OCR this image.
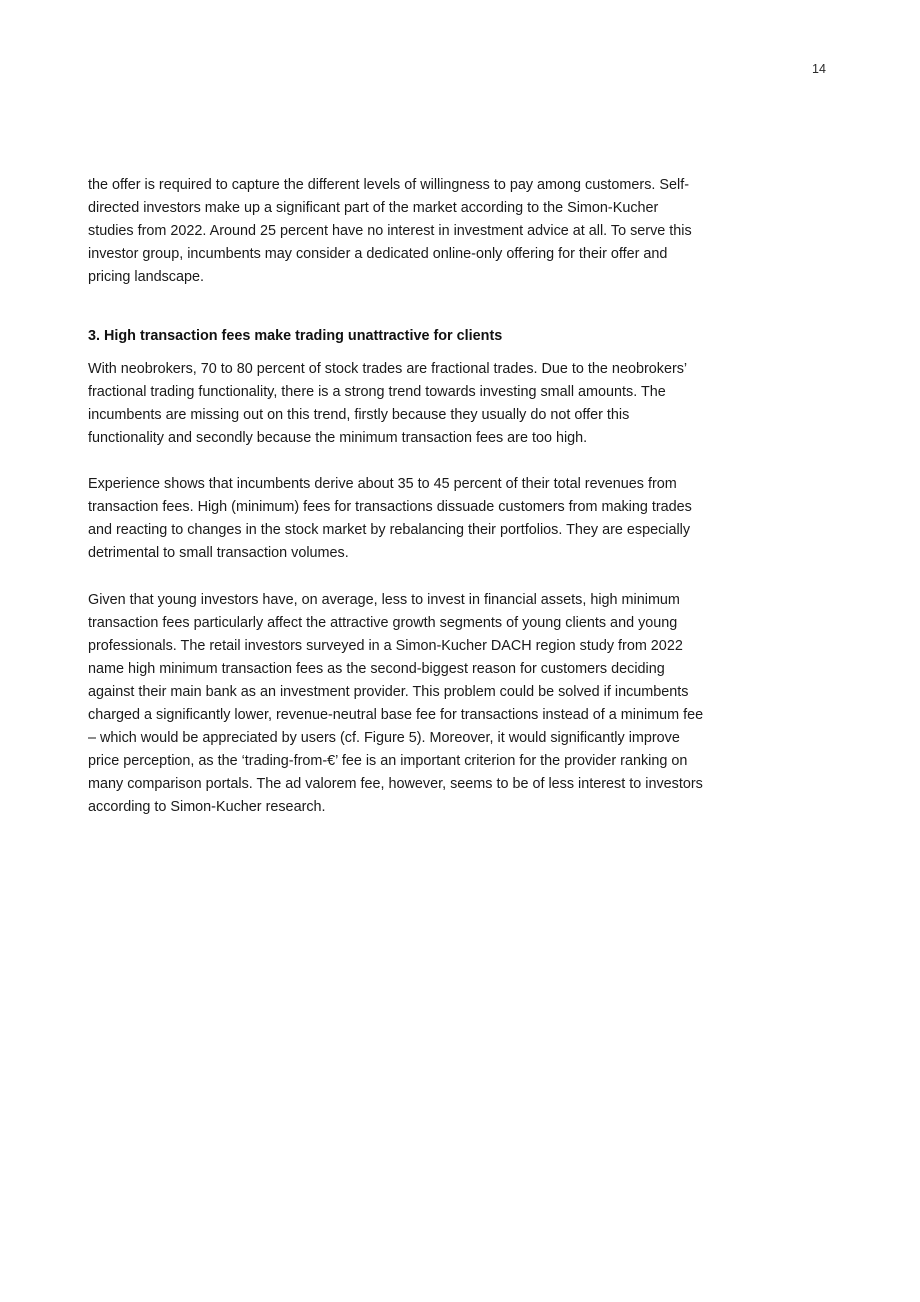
14

the offer is required to capture the different levels of willingness to pay among customers. Self-directed investors make up a significant part of the market according to the Simon-Kucher studies from 2022. Around 25 percent have no interest in investment advice at all. To serve this investor group, incumbents may consider a dedicated online-only offering for their offer and pricing landscape.

3. High transaction fees make trading unattractive for clients

With neobrokers, 70 to 80 percent of stock trades are fractional trades. Due to the neobrokers’ fractional trading functionality, there is a strong trend towards investing small amounts. The incumbents are missing out on this trend, firstly because they usually do not offer this functionality and secondly because the minimum transaction fees are too high.

Experience shows that incumbents derive about 35 to 45 percent of their total revenues from transaction fees. High (minimum) fees for transactions dissuade customers from making trades and reacting to changes in the stock market by rebalancing their portfolios. They are especially detrimental to small transaction volumes.

Given that young investors have, on average, less to invest in financial assets, high minimum transaction fees particularly affect the attractive growth segments of young clients and young professionals. The retail investors surveyed in a Simon-Kucher DACH region study from 2022 name high minimum transaction fees as the second-biggest reason for customers deciding against their main bank as an investment provider. This problem could be solved if incumbents charged a significantly lower, revenue-neutral base fee for transactions instead of a minimum fee – which would be appreciated by users (cf. Figure 5). Moreover, it would significantly improve price perception, as the ‘trading-from-€’ fee is an important criterion for the provider ranking on many comparison portals. The ad valorem fee, however, seems to be of less interest to investors according to Simon-Kucher research.
